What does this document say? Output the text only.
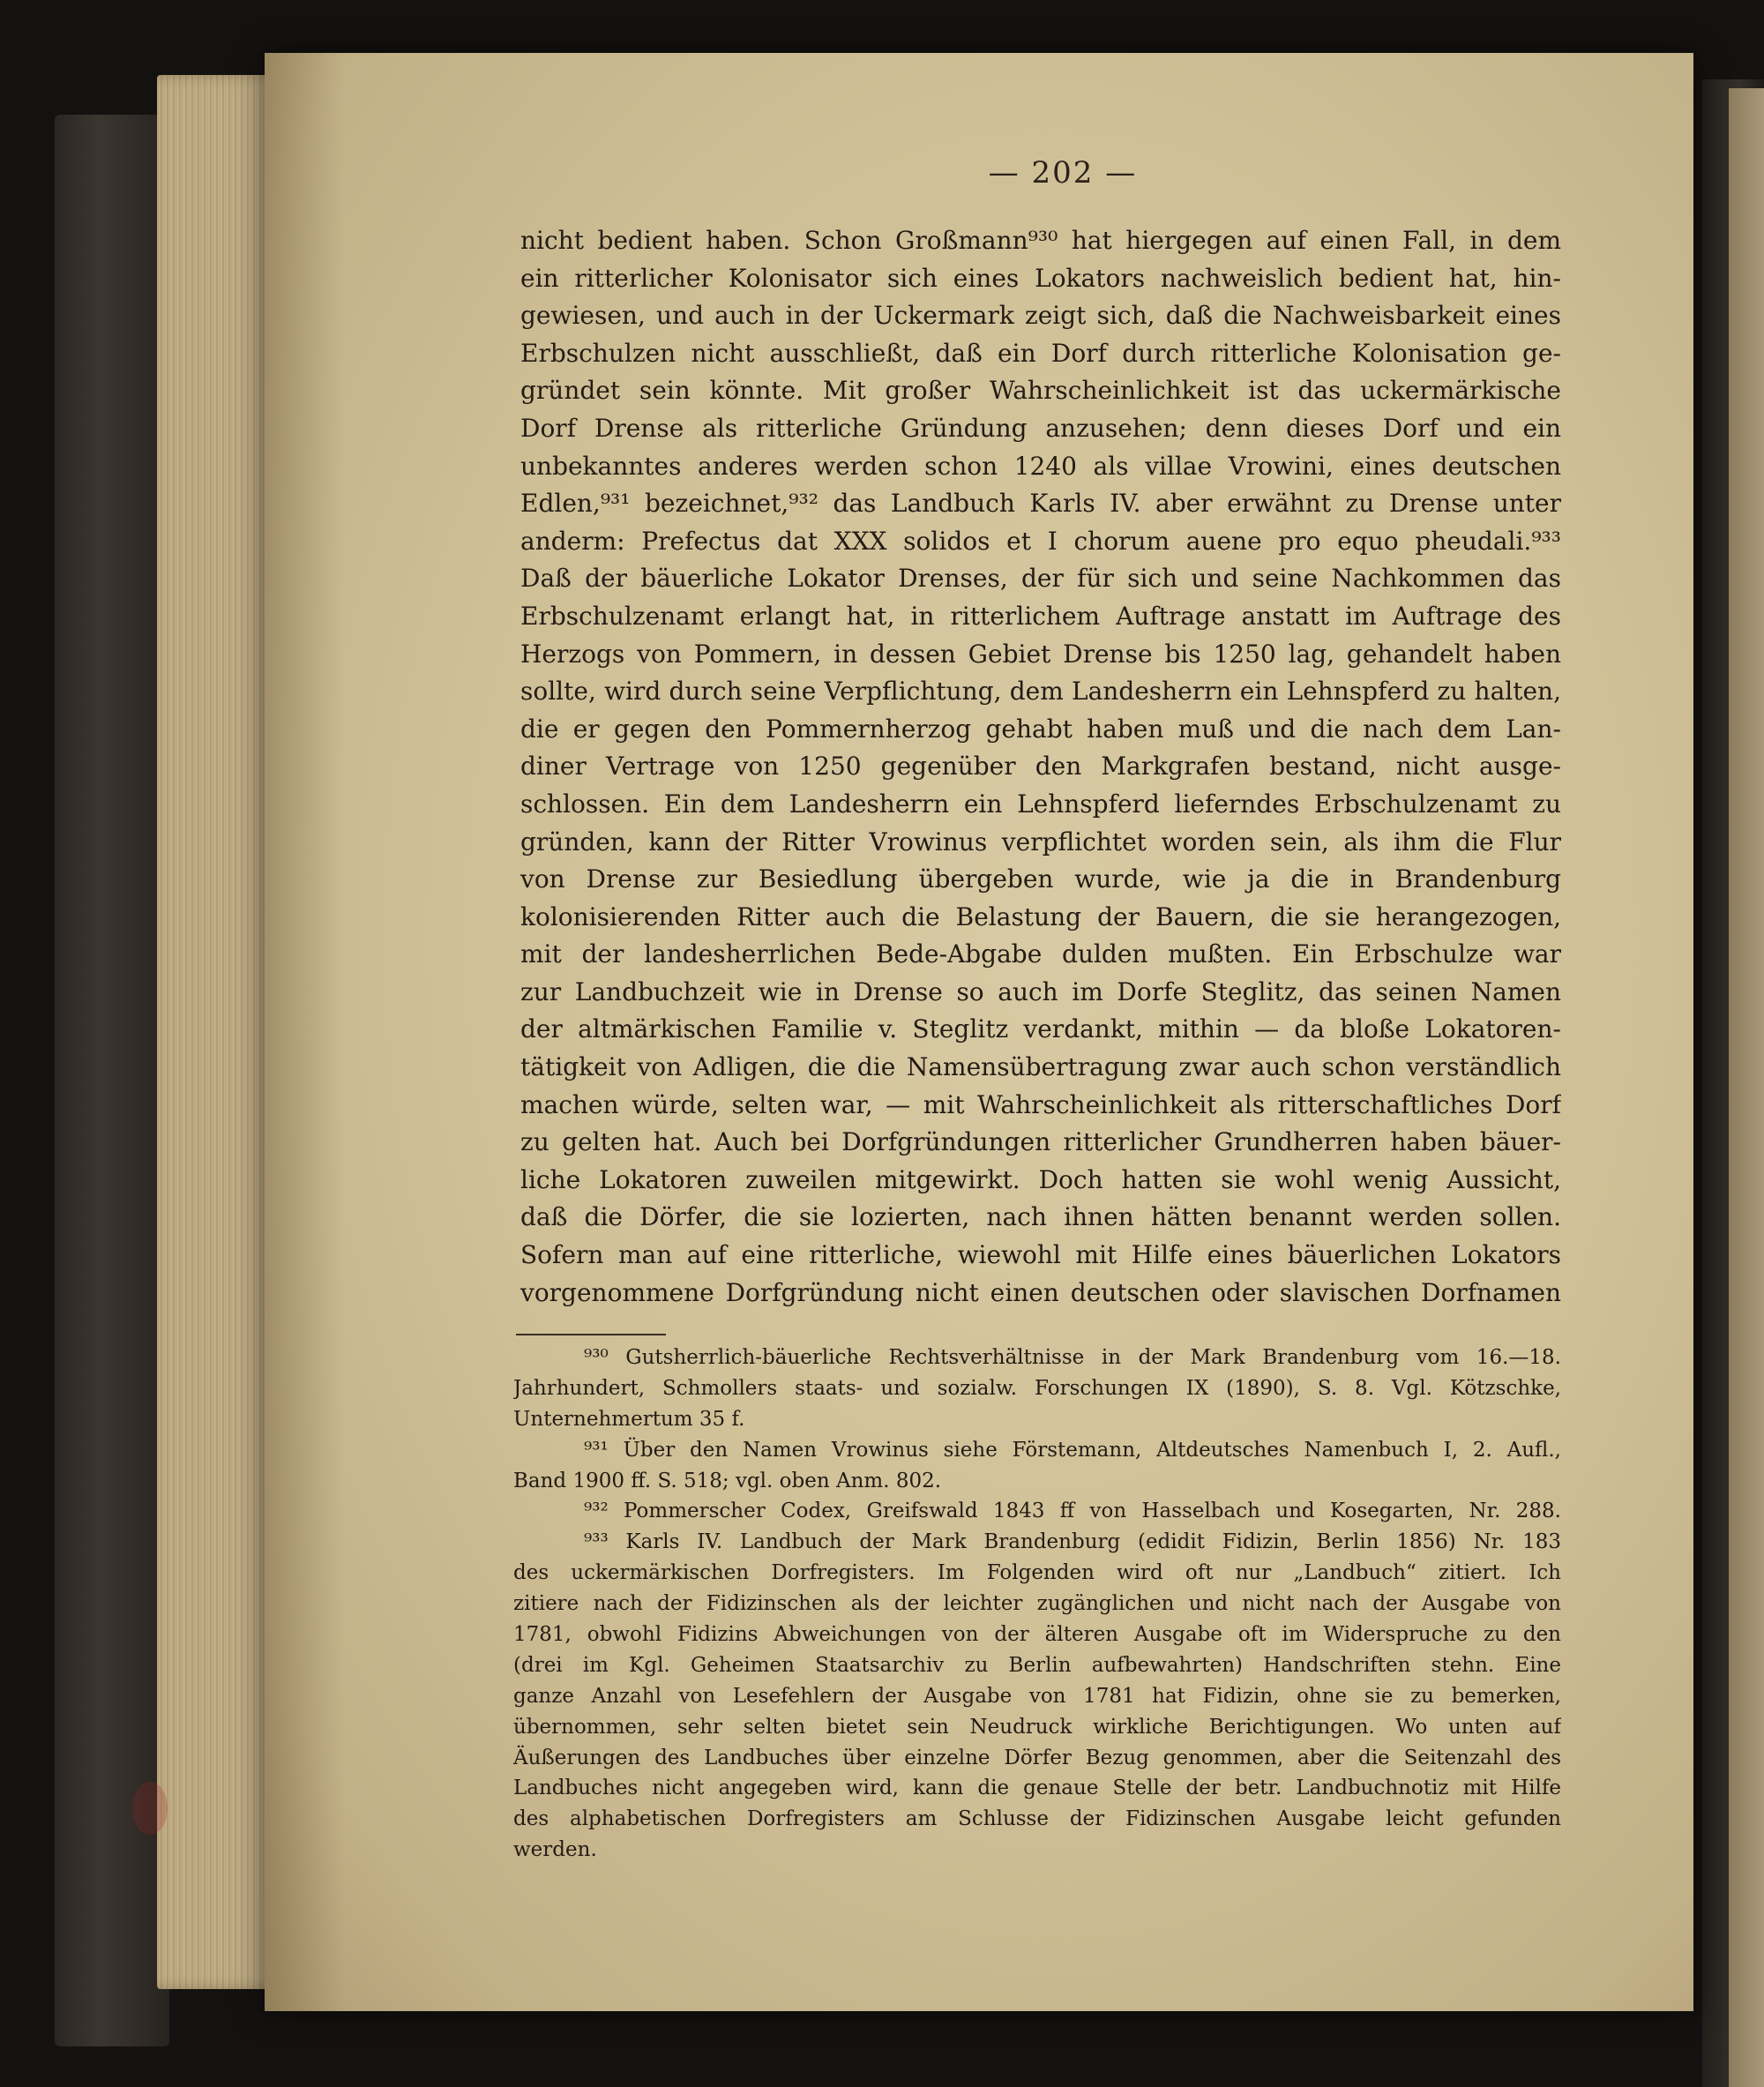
— 202 —
nicht bedient haben. Schon Großmann⁹³⁰ hat hiergegen auf einen Fall, in dem
ein ritterlicher Kolonisator sich eines Lokators nachweislich bedient hat, hin-
gewiesen, und auch in der Uckermark zeigt sich, daß die Nachweisbarkeit eines
Erbschulzen nicht ausschließt, daß ein Dorf durch ritterliche Kolonisation ge-
gründet sein könnte. Mit großer Wahrscheinlichkeit ist das uckermärkische
Dorf Drense als ritterliche Gründung anzusehen; denn dieses Dorf und ein
unbekanntes anderes werden schon 1240 als villae Vrowini, eines deutschen
Edlen,⁹³¹ bezeichnet,⁹³² das Landbuch Karls IV. aber erwähnt zu Drense unter
anderm: Prefectus dat XXX solidos et I chorum auene pro equo pheudali.⁹³³
Daß der bäuerliche Lokator Drenses, der für sich und seine Nachkommen das
Erbschulzenamt erlangt hat, in ritterlichem Auftrage anstatt im Auftrage des
Herzogs von Pommern, in dessen Gebiet Drense bis 1250 lag, gehandelt haben
sollte, wird durch seine Verpflichtung, dem Landesherrn ein Lehnspferd zu halten,
die er gegen den Pommernherzog gehabt haben muß und die nach dem Lan-
diner Vertrage von 1250 gegenüber den Markgrafen bestand, nicht ausge-
schlossen. Ein dem Landesherrn ein Lehnspferd lieferndes Erbschulzenamt zu
gründen, kann der Ritter Vrowinus verpflichtet worden sein, als ihm die Flur
von Drense zur Besiedlung übergeben wurde, wie ja die in Brandenburg
kolonisierenden Ritter auch die Belastung der Bauern, die sie herangezogen,
mit der landesherrlichen Bede-Abgabe dulden mußten. Ein Erbschulze war
zur Landbuchzeit wie in Drense so auch im Dorfe Steglitz, das seinen Namen
der altmärkischen Familie v. Steglitz verdankt, mithin — da bloße Lokatoren-
tätigkeit von Adligen, die die Namensübertragung zwar auch schon verständlich
machen würde, selten war, — mit Wahrscheinlichkeit als ritterschaftliches Dorf
zu gelten hat. Auch bei Dorfgründungen ritterlicher Grundherren haben bäuer-
liche Lokatoren zuweilen mitgewirkt. Doch hatten sie wohl wenig Aussicht,
daß die Dörfer, die sie lozierten, nach ihnen hätten benannt werden sollen.
Sofern man auf eine ritterliche, wiewohl mit Hilfe eines bäuerlichen Lokators
vorgenommene Dorfgründung nicht einen deutschen oder slavischen Dorfnamen
⁹³⁰ Gutsherrlich-bäuerliche Rechtsverhältnisse in der Mark Brandenburg vom 16.—18.
Jahrhundert, Schmollers staats- und sozialw. Forschungen IX (1890), S. 8. Vgl. Kötzschke,
Unternehmertum 35 f.
⁹³¹ Über den Namen Vrowinus siehe Förstemann, Altdeutsches Namenbuch I, 2. Aufl.,
Band 1900 ff. S. 518; vgl. oben Anm. 802.
⁹³² Pommerscher Codex, Greifswald 1843 ff von Hasselbach und Kosegarten, Nr. 288.
⁹³³ Karls IV. Landbuch der Mark Brandenburg (edidit Fidizin, Berlin 1856) Nr. 183
des uckermärkischen Dorfregisters. Im Folgenden wird oft nur „Landbuch“ zitiert. Ich
zitiere nach der Fidizinschen als der leichter zugänglichen und nicht nach der Ausgabe von
1781, obwohl Fidizins Abweichungen von der älteren Ausgabe oft im Widerspruche zu den
(drei im Kgl. Geheimen Staatsarchiv zu Berlin aufbewahrten) Handschriften stehn. Eine
ganze Anzahl von Lesefehlern der Ausgabe von 1781 hat Fidizin, ohne sie zu bemerken,
übernommen, sehr selten bietet sein Neudruck wirkliche Berichtigungen. Wo unten auf
Äußerungen des Landbuches über einzelne Dörfer Bezug genommen, aber die Seitenzahl des
Landbuches nicht angegeben wird, kann die genaue Stelle der betr. Landbuchnotiz mit Hilfe
des alphabetischen Dorfregisters am Schlusse der Fidizinschen Ausgabe leicht gefunden
werden.
